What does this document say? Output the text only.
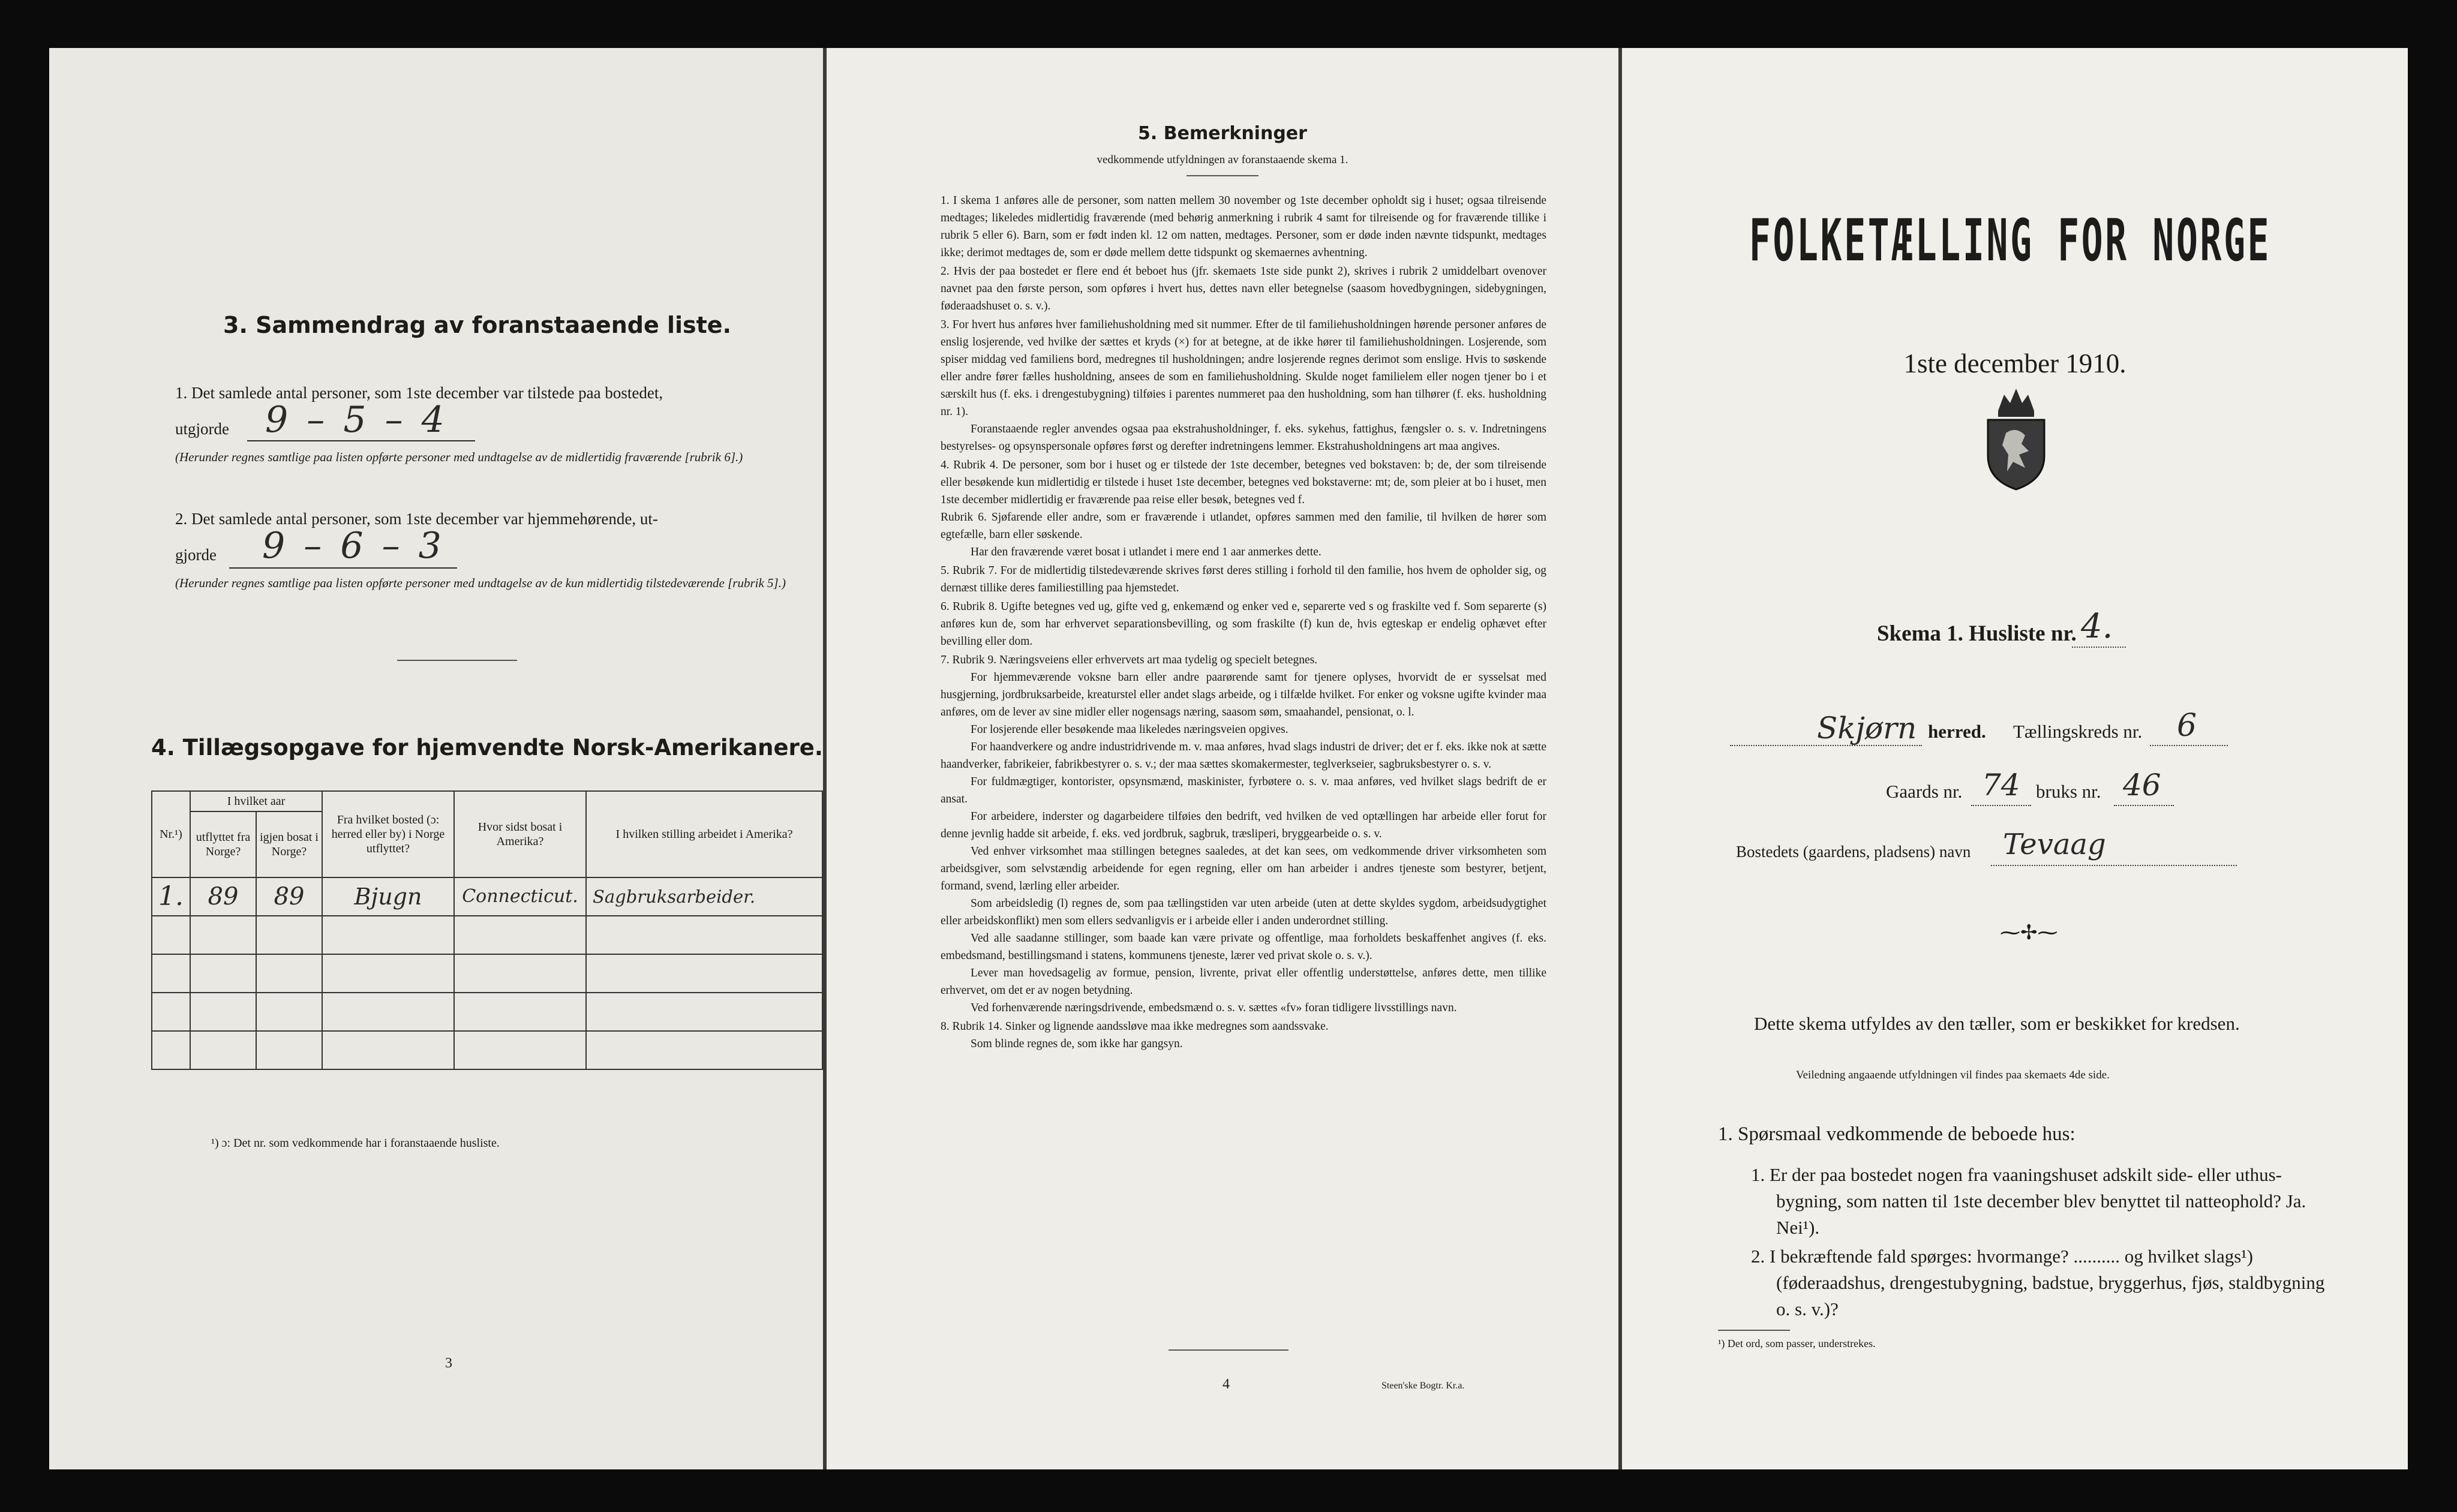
3. Sammendrag av foranstaaende liste.
1. Det samlede antal personer, som 1ste december var tilstede paa bostedet,
utgjorde 9 – 5 – 4
(Herunder regnes samtlige paa listen opførte personer med undtagelse av de midlertidig fraværende [rubrik 6].)
2. Det samlede antal personer, som 1ste december var hjemmehørende, ut-
gjorde 9 – 6 – 3
(Herunder regnes samtlige paa listen opførte personer med undtagelse av de kun midlertidig tilstedeværende [rubrik 5].)
4. Tillægsopgave for hjemvendte Norsk-Amerikanere.
Nr.¹)	I hvilket aar		Fra hvilket bosted (ɔ: herred eller by) i Norge utflyttet?	Hvor sidst bosat i Amerika?	I hvilken stilling arbeidet i Amerika?
	utflyttet fra Norge?	igjen bosat i Norge?			
1.	89	89	Bjugn	Connecticut.	Sagbruksarbeider.

¹) ɔ: Det nr. som vedkommende har i foranstaaende husliste.
3
5. Bemerkninger
vedkommende utfyldningen av foranstaaende skema 1.

1. I skema 1 anføres alle de personer, som natten mellem 30 november og 1ste december opholdt sig i huset; ogsaa tilreisende medtages; likeledes midlertidig fraværende (med behørig anmerkning i rubrik 4 samt for tilreisende og for fraværende tillike i rubrik 5 eller 6). Barn, som er født inden kl. 12 om natten, medtages. Personer, som er døde inden nævnte tidspunkt, medtages ikke; derimot medtages de, som er døde mellem dette tidspunkt og skemaernes avhentning.

2. Hvis der paa bostedet er flere end ét beboet hus (jfr. skemaets 1ste side punkt 2), skrives i rubrik 2 umiddelbart ovenover navnet paa den første person, som opføres i hvert hus, dettes navn eller betegnelse (saasom hovedbygningen, sidebygningen, føderaadshuset o. s. v.).

3. For hvert hus anføres hver familiehusholdning med sit nummer. Efter de til familiehusholdningen hørende personer anføres de enslig losjerende, ved hvilke der sættes et kryds (×) for at betegne, at de ikke hører til familiehusholdningen. Losjerende, som spiser middag ved familiens bord, medregnes til husholdningen; andre losjerende regnes derimot som enslige. Hvis to søskende eller andre fører fælles husholdning, ansees de som en familiehusholdning. Skulde noget familielem eller nogen tjener bo i et særskilt hus (f. eks. i drengestubygning) tilføies i parentes nummeret paa den husholdning, som han tilhører (f. eks. husholdning nr. 1).

Foranstaaende regler anvendes ogsaa paa ekstrahusholdninger, f. eks. sykehus, fattighus, fængsler o. s. v. Indretningens bestyrelses- og opsynspersonale opføres først og derefter indretningens lemmer. Ekstrahusholdningens art maa angives.

4. Rubrik 4. De personer, som bor i huset og er tilstede der 1ste december, betegnes ved bokstaven: b; de, der som tilreisende eller besøkende kun midlertidig er tilstede i huset 1ste december, betegnes ved bokstaverne: mt; de, som pleier at bo i huset, men 1ste december midlertidig er fraværende paa reise eller besøk, betegnes ved f.

Rubrik 6. Sjøfarende eller andre, som er fraværende i utlandet, opføres sammen med den familie, til hvilken de hører som egtefælle, barn eller søskende.

Har den fraværende været bosat i utlandet i mere end 1 aar anmerkes dette.

5. Rubrik 7. For de midlertidig tilstedeværende skrives først deres stilling i forhold til den familie, hos hvem de opholder sig, og dernæst tillike deres familiestilling paa hjemstedet.

6. Rubrik 8. Ugifte betegnes ved ug, gifte ved g, enkemænd og enker ved e, separerte ved s og fraskilte ved f. Som separerte (s) anføres kun de, som har erhvervet separationsbevilling, og som fraskilte (f) kun de, hvis egteskap er endelig ophævet efter bevilling eller dom.

7. Rubrik 9. Næringsveiens eller erhvervets art maa tydelig og specielt betegnes.

For hjemmeværende voksne barn eller andre paarørende samt for tjenere oplyses, hvorvidt de er sysselsat med husgjerning, jordbruksarbeide, kreaturstel eller andet slags arbeide, og i tilfælde hvilket. For enker og voksne ugifte kvinder maa anføres, om de lever av sine midler eller nogensags næring, saasom søm, smaahandel, pensionat, o. l.

For losjerende eller besøkende maa likeledes næringsveien opgives.

For haandverkere og andre industridrivende m. v. maa anføres, hvad slags industri de driver; det er f. eks. ikke nok at sætte haandverker, fabrikeier, fabrikbestyrer o. s. v.; der maa sættes skomakermester, teglverkseier, sagbruksbestyrer o. s. v.

For fuldmægtiger, kontorister, opsynsmænd, maskinister, fyrbøtere o. s. v. maa anføres, ved hvilket slags bedrift de er ansat.

For arbeidere, inderster og dagarbeidere tilføies den bedrift, ved hvilken de ved optællingen har arbeide eller forut for denne jevnlig hadde sit arbeide, f. eks. ved jordbruk, sagbruk, træsliperi, bryggearbeide o. s. v.

Ved enhver virksomhet maa stillingen betegnes saaledes, at det kan sees, om vedkommende driver virksomheten som arbeidsgiver, som selvstændig arbeidende for egen regning, eller om han arbeider i andres tjeneste som bestyrer, betjent, formand, svend, lærling eller arbeider.

Som arbeidsledig (l) regnes de, som paa tællingstiden var uten arbeide (uten at dette skyldes sygdom, arbeidsudygtighet eller arbeidskonflikt) men som ellers sedvanligvis er i arbeide eller i anden underordnet stilling.

Ved alle saadanne stillinger, som baade kan være private og offentlige, maa forholdets beskaffenhet angives (f. eks. embedsmand, bestillingsmand i statens, kommunens tjeneste, lærer ved privat skole o. s. v.).

Lever man hovedsagelig av formue, pension, livrente, privat eller offentlig understøttelse, anføres dette, men tillike erhvervet, om det er av nogen betydning.

Ved forhenværende næringsdrivende, embedsmænd o. s. v. sættes «fv» foran tidligere livsstillings navn.

8. Rubrik 14. Sinker og lignende aandssløve maa ikke medregnes som aandssvake.

Som blinde regnes de, som ikke har gangsyn.

4	Steen'ske Bogtr. Kr.a.
FOLKETÆLLING FOR NORGE
1ste december 1910.
Skema 1. Husliste nr. 4.
Skjørn herred. Tællingskreds nr. 6
Gaards nr. 74 bruks nr. 46
Bostedets (gaardens, pladsens) navn Tevaag
⁓✢⁓
Dette skema utfyldes av den tæller, som er beskikket for kredsen.
Veiledning angaaende utfyldningen vil findes paa skemaets 4de side.
1. Spørsmaal vedkommende de beboede hus:
1. Er der paa bostedet nogen fra vaaningshuset adskilt side- eller uthus-bygning, som natten til 1ste december blev benyttet til natteophold? Ja. Nei¹).
2. I bekræftende fald spørges: hvormange? .......... og hvilket slags¹) (føderaadshus, drengestubygning, badstue, bryggerhus, fjøs, staldbygning o. s. v.)?
¹) Det ord, som passer, understrekes.
